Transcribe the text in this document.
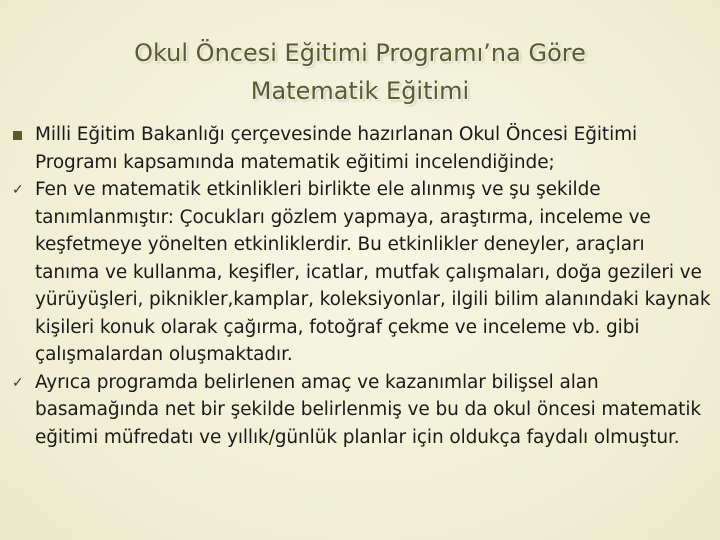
Okul Öncesi Eğitimi Programı’na Göre
Matematik Eğitimi
Milli Eğitim Bakanlığı çerçevesinde hazırlanan Okul Öncesi Eğitimi Programı kapsamında matematik eğitimi incelendiğinde;
✓ Fen ve matematik etkinlikleri birlikte ele alınmış ve şu şekilde tanımlanmıştır: Çocukları gözlem yapmaya, araştırma, inceleme ve keşfetmeye yönelten etkinliklerdir. Bu etkinlikler deneyler, araçları tanıma ve kullanma, keşifler, icatlar, mutfak çalışmaları, doğa gezileri ve yürüyüşleri, piknikler,kamplar, koleksiyonlar, ilgili bilim alanındaki kaynak kişileri konuk olarak çağırma, fotoğraf çekme ve inceleme vb. gibi çalışmalardan oluşmaktadır.
✓ Ayrıca programda belirlenen amaç ve kazanımlar bilişsel alan basamağında net bir şekilde belirlenmiş ve bu da okul öncesi matematik eğitimi müfredatı ve yıllık/günlük planlar için oldukça faydalı olmuştur.
